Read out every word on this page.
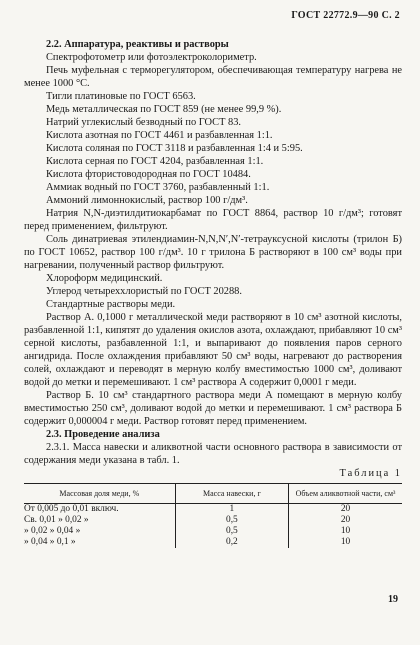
ГОСТ 22772.9—90 С. 2

2.2. Аппаратура, реактивы и растворы

Спектрофотометр или фотоэлектроколориметр.

Печь муфельная с терморегулятором, обеспечивающая температуру нагрева не менее 1000 °С.

Тигли платиновые по ГОСТ 6563.

Медь металлическая по ГОСТ 859 (не менее 99,9 %).

Натрий углекислый безводный по ГОСТ 83.

Кислота азотная по ГОСТ 4461 и разбавленная 1:1.

Кислота соляная по ГОСТ 3118 и разбавленная 1:4 и 5:95.

Кислота серная по ГОСТ 4204, разбавленная 1:1.

Кислота фтористоводородная по ГОСТ 10484.

Аммиак водный по ГОСТ 3760, разбавленный 1:1.

Аммоний лимоннокислый, раствор 100 г/дм³.

Натрия N,N-диэтилдитиокарбамат по ГОСТ 8864, раствор 10 г/дм³; готовят перед применением, фильтруют.

Соль динатриевая этилендиамин-N,N,N′,N′-тетрауксусной кислоты (трилон Б) по ГОСТ 10652, раствор 100 г/дм³. 10 г трилона Б растворяют в 100 см³ воды при нагревании, полученный раствор фильтруют.

Хлороформ медицинский.

Углерод четыреххлористый по ГОСТ 20288.

Стандартные растворы меди.

Раствор А. 0,1000 г металлической меди растворяют в 10 см³ азотной кислоты, разбавленной 1:1, кипятят до удаления окислов азота, охлаждают, прибавляют 10 см³ серной кислоты, разбавленной 1:1, и выпаривают до появления паров серного ангидрида. После охлаждения прибавляют 50 см³ воды, нагревают до растворения солей, охлаждают и переводят в мерную колбу вместимостью 1000 см³, доливают водой до метки и перемешивают. 1 см³ раствора А содержит 0,0001 г меди.

Раствор Б. 10 см³ стандартного раствора меди А помещают в мерную колбу вместимостью 250 см³, доливают водой до метки и перемешивают. 1 см³ раствора Б содержит 0,000004 г меди. Раствор готовят перед применением.

2.3. Проведение анализа

2.3.1. Масса навески и аликвотной части основного раствора в зависимости от содержания меди указана в табл. 1.

Таблица 1

Массовая доля меди, %	Масса навески, г	Объем аликвотной части, см³
От 0,005 до 0,01 включ.	1	20
Св. 0,01 » 0,02 »	0,5	20
» 0,02 » 0,04 »	0,5	10
» 0,04 » 0,1 »	0,2	10
19
